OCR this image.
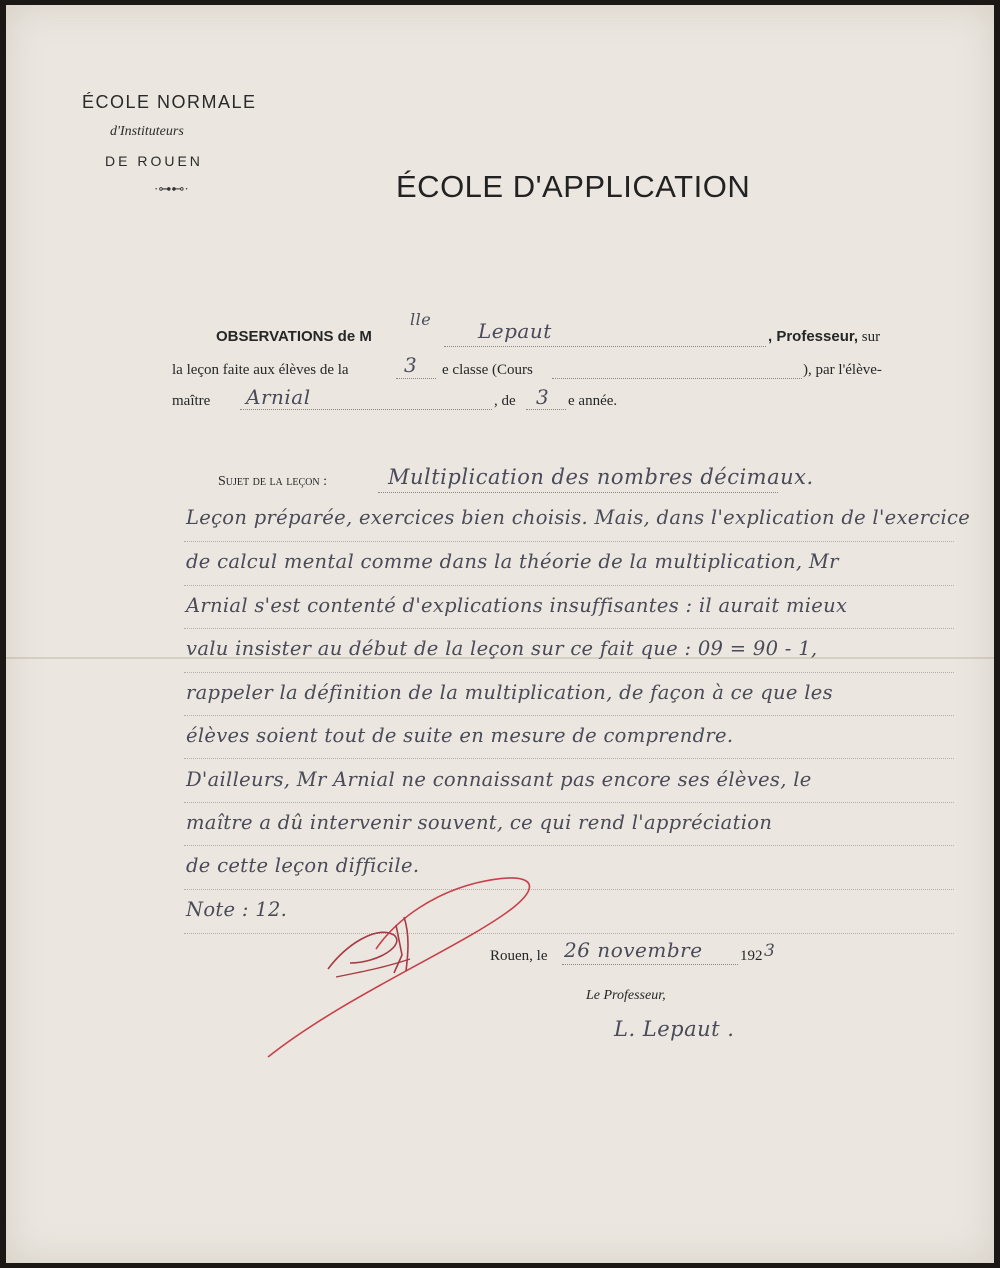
ÉCOLE NORMALE
d'Instituteurs
DE ROUEN
·⊶⊷·	ÉCOLE D'APPLICATION
OBSERVATIONS de M
lle Lepaut	, Professeur, sur
la leçon faite aux élèves de la	3 e classe (Cours	), par l'élève-
maître Arnial	, de 3 e année.
Sujet de la leçon :	Multiplication des nombres décimaux.
Leçon préparée, exercices bien choisis. Mais, dans l'explication de l'exercice
de calcul mental comme dans la théorie de la multiplication, Mr
Arnial s'est contenté d'explications insuffisantes : il aurait mieux
valu insister au début de la leçon sur ce fait que : 09 = 90 - 1,
rappeler la définition de la multiplication, de façon à ce que les
élèves soient tout de suite en mesure de comprendre.
D'ailleurs, Mr Arnial ne connaissant pas encore ses élèves, le
maître a dû intervenir souvent, ce qui rend l'appréciation
de cette leçon difficile.
Note : 12.
Rouen, le 26 novembre 192 3
Le Professeur,
L. Lepaut .
